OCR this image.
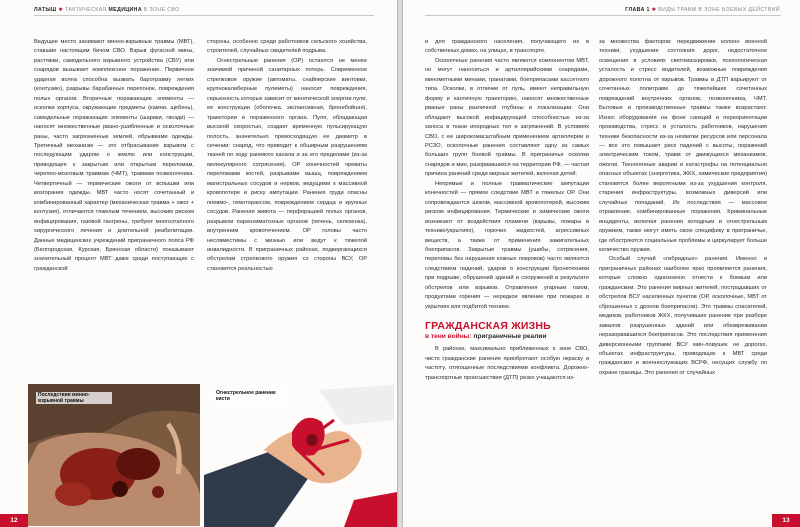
ЛАТЫШ ✱ ТАКТИЧЕСКАЯ МЕДИЦИНА В ЗОНЕ СВО

Ведущее место занимают минно-взрывные травмы (МВТ), ставшие настоящим бичом СВО. Взрыв фугасной мины, растяжки, самодельного взрывного устройства (СВУ) или снарядов вызывает комплексное поражение. Первичное ударная волна способна вызвать баротравму легких (контузию), разрывы барабанных перепонок, повреждения полых органов. Вторичные поражающие элементы — осколки корпуса, окружающие предметы (камни, щебень), самодельные поражающие элементы (шарики, гвозди) — наносят множественные рвано-ушибленные и осколочные раны, часто загрязненные землей, обрывками одежды. Третичный механизм — это отбрасывание взрывом с последующим ударом о землю или конструкции, приводящее к закрытым или открытым переломам, черепно-мозговым травмам (ЧМТ), травмам позвоночника. Четвертичный — термические ожоги от вспышки или возгорания одежды. МВТ часто носят сочетанный и комбинированный характер (механическая травма + ожог + контузия), отличаются тяжелым течением, высоким риском инфицирования, газовой гангрены, требуют многоэтапного хирургического лечения и длительной реабилитации. Данные медицинских учреждений приграничного пояса РФ (Белгородская, Курская, Брянская области) показывают значительный процент МВТ даже среди поступающих с гражданской

стороны, особенно среди работников сельского хозяйства, строителей, случайных свидетелей подрыва.

Огнестрельные ранения (ОР) остаются не менее значимой причиной санитарных потерь. Современное стрелковое оружие (автоматы, снайперские винтовки, крупнокалиберные пулеметы) наносит повреждения, серьезность которых зависит от кинетической энергии пули, ее конструкции (оболочка, экспансивная, бронебойная), траектории и пораженного органа. Пуля, обладающая высокой скоростью, создает временную пульсирующую полость, значительно превосходящую ее диаметр в сечении: снаряд, что приводит к обширным разрушениям тканей по ходу раневого канала и за его пределами (из-за молекулярного сотрясения). ОР конечностей чреваты переломами костей, разрывами мышц, повреждением магистральных сосудов и нервов, ведущими к массивной кровопотере и риску ампутации. Ранения груди опасны пневмо-, гемотораксом, повреждением сердца и крупных сосудов. Ранения живота — перфорацией полых органов, разрывом паренхиматозных органов (печень, селезенка), внутренним кровотечением. ОР головы часто несовместимы с жизнью или ведут к тяжелой инвалидности. В приграничных районах, подвергающихся обстрелам стрелкового оружия со стороны ВСУ, ОР становятся реальностью

Последствия минно-взрывной травмы
Огнестрельное ранение кисти
12
ГЛАВА 1 ✱ ВИДЫ ТРАВМ В ЗОНЕ БОЕВЫХ ДЕЙСТВИЙ

и для гражданского населения, получающего их в собственных домах, на улицах, в транспорте.

Осколочные ранения часто являются компонентом МВТ, но могут наноситься и артиллерийскими снарядами, минометными минами, гранатами, боеприпасами кассетного типа. Осколки, в отличие от пуль, имеют неправильную форму и хаотичную траекторию, наносят множественные рваные раны различной глубины и локализации. Они обладают высокой инфицирующей способностью из-за заноса в ткани инородных тел и загрязнений. В условиях СВО, с ее широкомасштабным применением артиллерии и РСЗО, осколочные ранения составляют одну из самых больших групп боевой травмы. В приграничье осколки снарядов и мин, разорвавшихся на территории РФ, — частая причина ранений среди мирных жителей, включая детей.

Непрямые и полные травматические ампутации конечностей — прямое следствие МВТ и тяжелых ОР. Они сопровождаются шоком, массивной кровопотерей, высоким риском инфицирования. Термические и химические ожоги возникают от воздействия пламени (взрывы, пожары в технике/укрытиях), горючих жидкостей, агрессивных веществ, а также от применения зажигательных боеприпасов. Закрытые травмы (ушибы, сотрясения, переломы без нарушения кожных покровов) часто являются следствием падений, ударов о конструкции бронетехники при подрыве, обрушений зданий и сооружений в результате обстрелов или взрывов. Отравления угарным газом, продуктами горения — нередкое явление при пожарах в укрытиях или подбитой технике.

ГРАЖДАНСКАЯ ЖИЗНЬ
в тени войны: приграничные реалии

В районах, максимально приближенных к зоне СВО, чисто гражданские ранения приобретают особую окраску и частоту, отягощенные последствиями конфликта. Дорожно-транспортные происшествия (ДТП) резко учащаются из-

за множества факторов: передвижение колонн военной техники, ухудшение состояния дорог, недостаточное освещение в условиях светомаскировки, психологическая усталость и стресс водителей, возможные повреждения дорожного полотна от взрывов. Травмы в ДТП варьируют от сочетанных политравм до тяжелейших сочетанных повреждений внутренних органов, позвоночника, ЧМТ. Бытовые и производственные травмы также возрастают. Износ оборудования на фоне санкций и переориентации производства, стресс и усталость работников, нарушения техники безопасности из-за нехватки ресурсов или персонала — все это повышает риск падений с высоты, поражений электрическим током, травм от движущихся механизмов, ожогов. Техногенные аварии и катастрофы на потенциально опасных объектах (энергетика, ЖКХ, химические предприятия) становятся более вероятными из-за ухудшения контроля, старения инфраструктуры, возможных диверсий или случайных попаданий. Их последствия — массовое отравление, комбинированные поражения. Криминальные инциденты, включая ранения холодным и огнестрельным оружием, также могут иметь свою специфику в приграничье, где обостряются социальные проблемы и циркулирует больше количество оружия.

Особый случай «гибридные» ранения. Именно в приграничных районах наиболее ярко проявляется ранения, которые сложно однозначно отнести к боевым или гражданским. Это ранения мирных жителей, пострадавших от обстрелов ВСУ населенных пунктов (ОР, осколочные, МВТ от сброшенных с дронов боеприпасов). Это травмы спасателей, медиков, работников ЖКХ, получивших ранение при разборе завалов разрушенных зданий или обезвреживании неразорвавшихся боеприпасов. Это последствия применения диверсионными группами ВСУ мин-ловушек не дорогах, объектах инфраструктуры, приводящих к МВТ среди гражданских и военнослужащих ВСРФ, несущих службу по охране границы. Это ранения от случайных

13
